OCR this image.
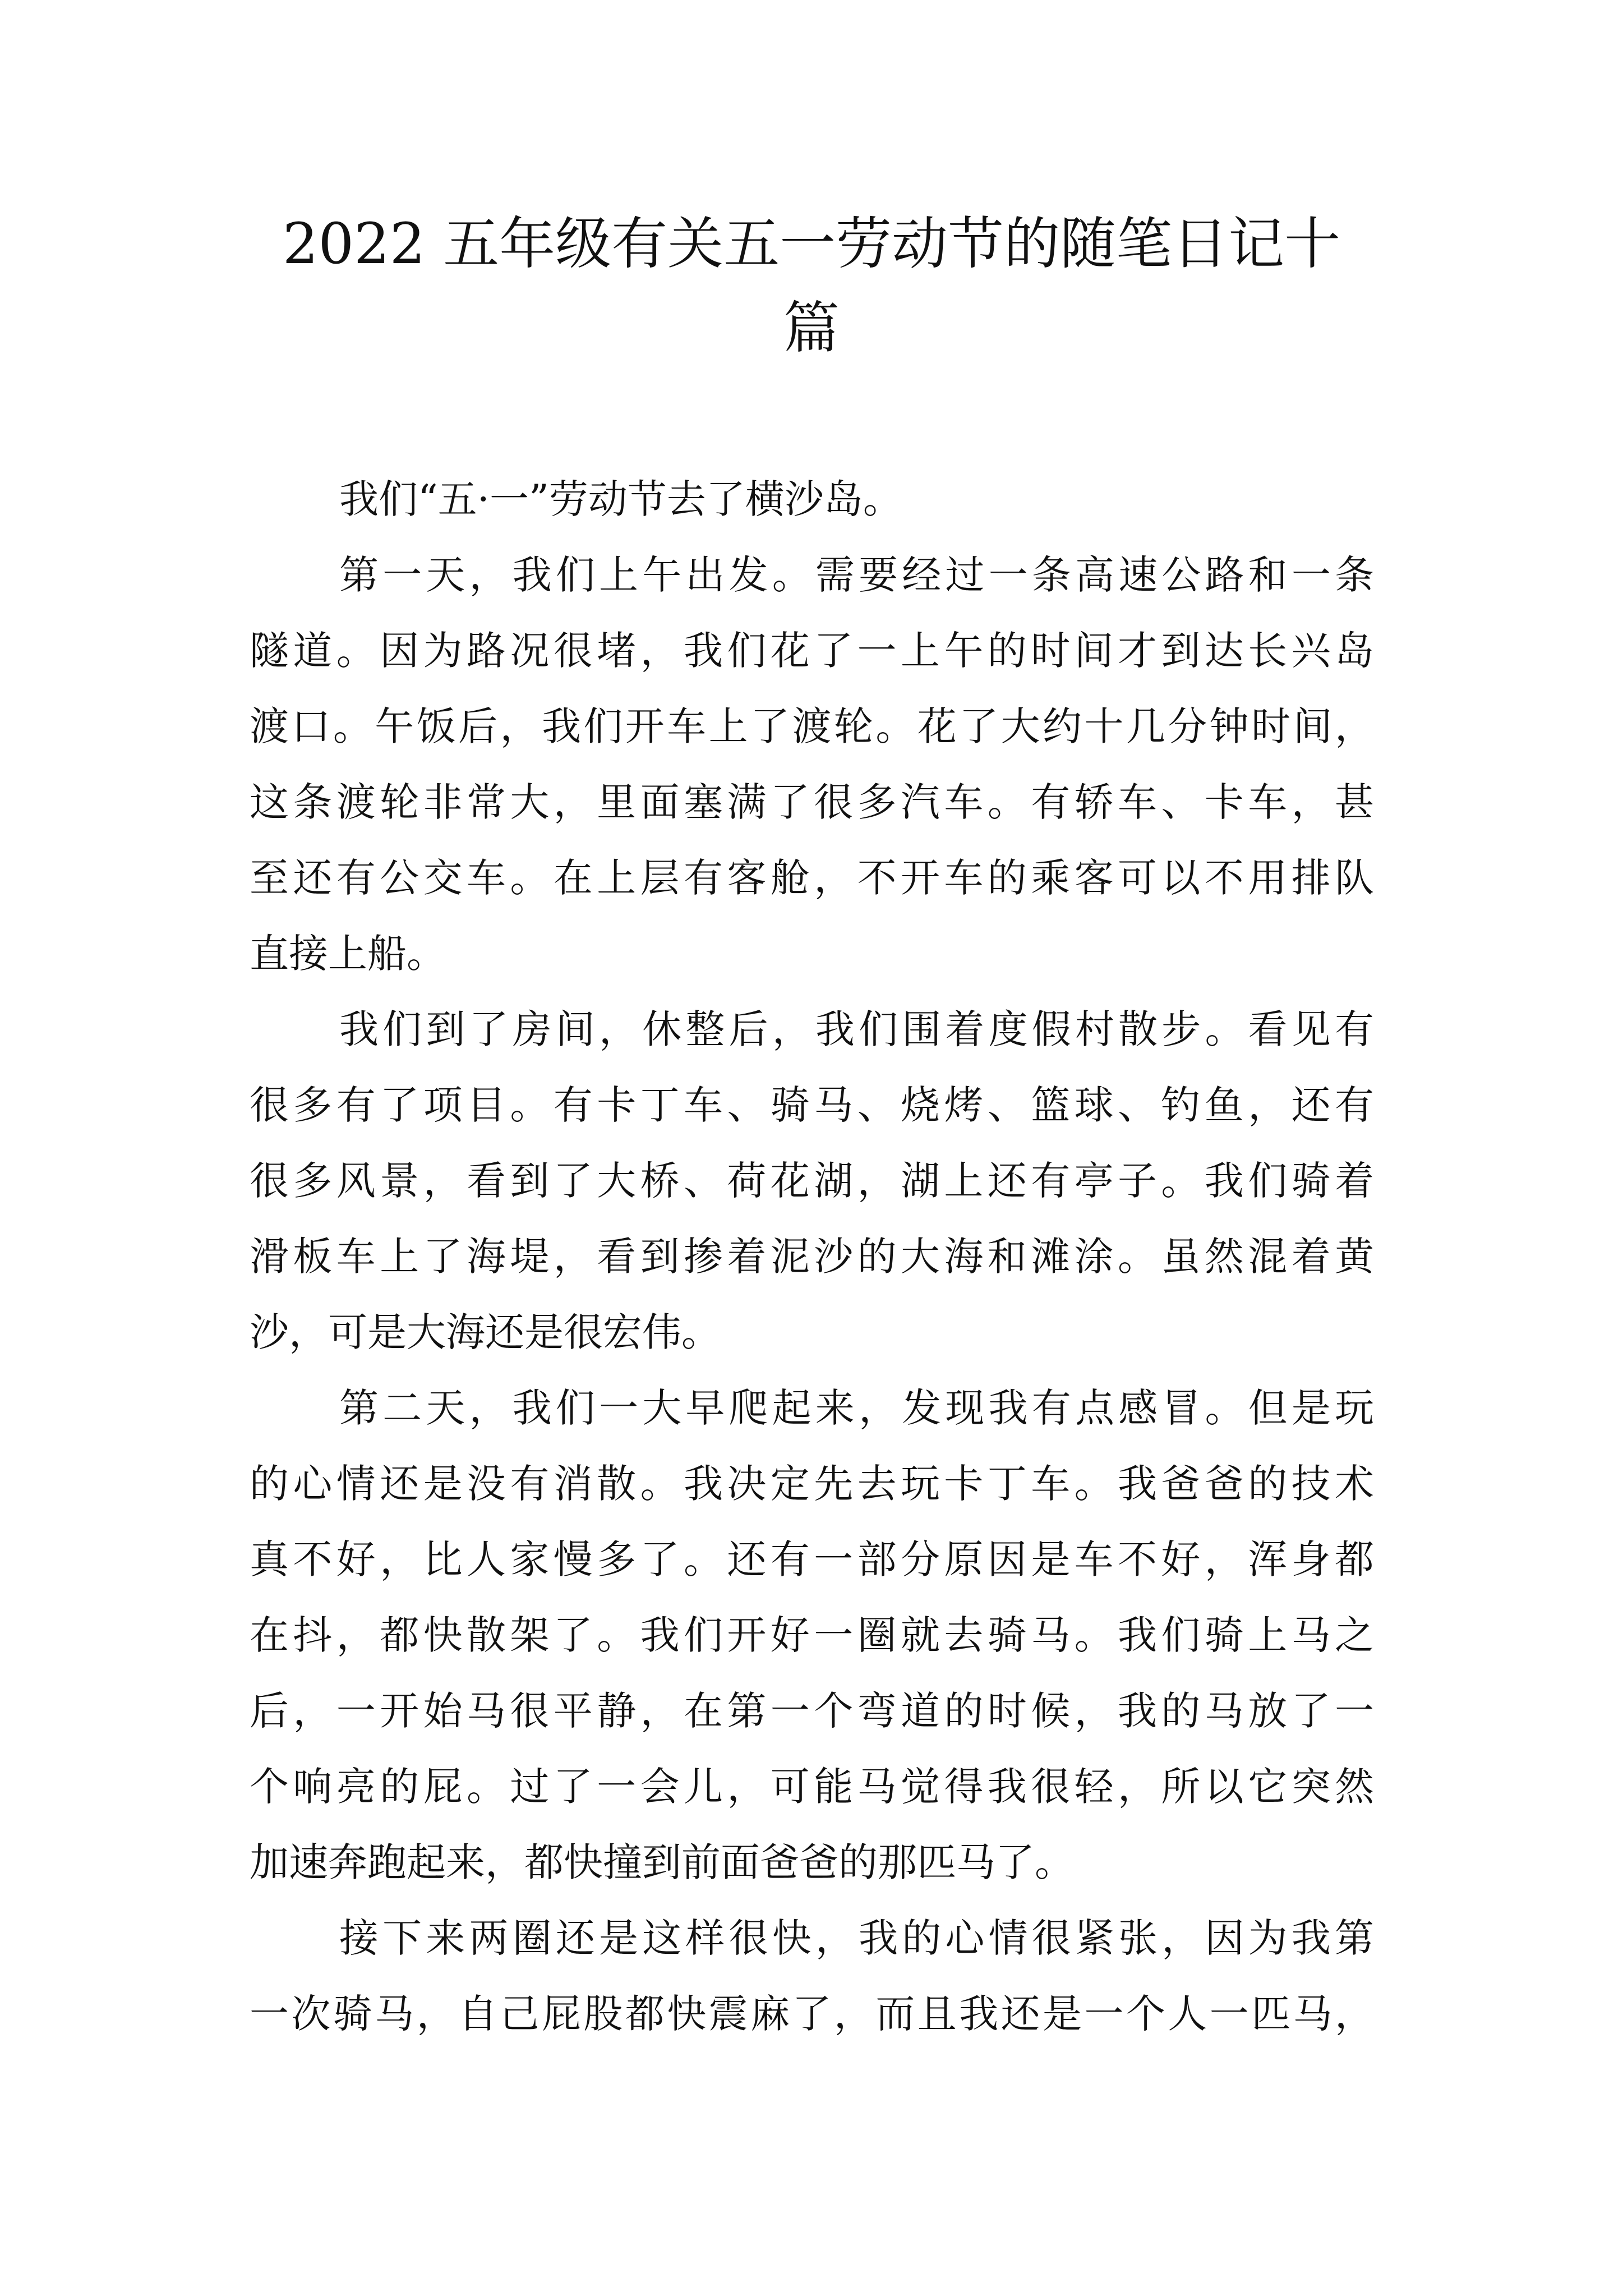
2022 五年级有关五一劳动节的随笔日记十
篇
我们“五·一”劳动节去了横沙岛。
第一天，我们上午出发。需要经过一条高速公路和一条
隧道。因为路况很堵，我们花了一上午的时间才到达长兴岛
渡口。午饭后，我们开车上了渡轮。花了大约十几分钟时间，
这条渡轮非常大，里面塞满了很多汽车。有轿车、卡车，甚
至还有公交车。在上层有客舱，不开车的乘客可以不用排队
直接上船。
我们到了房间，休整后，我们围着度假村散步。看见有
很多有了项目。有卡丁车、骑马、烧烤、篮球、钓鱼，还有
很多风景，看到了大桥、荷花湖，湖上还有亭子。我们骑着
滑板车上了海堤，看到掺着泥沙的大海和滩涂。虽然混着黄
沙，可是大海还是很宏伟。
第二天，我们一大早爬起来，发现我有点感冒。但是玩
的心情还是没有消散。我决定先去玩卡丁车。我爸爸的技术
真不好，比人家慢多了。还有一部分原因是车不好，浑身都
在抖，都快散架了。我们开好一圈就去骑马。我们骑上马之
后，一开始马很平静，在第一个弯道的时候，我的马放了一
个响亮的屁。过了一会儿，可能马觉得我很轻，所以它突然
加速奔跑起来，都快撞到前面爸爸的那匹马了。
接下来两圈还是这样很快，我的心情很紧张，因为我第
一次骑马，自己屁股都快震麻了，而且我还是一个人一匹马，
